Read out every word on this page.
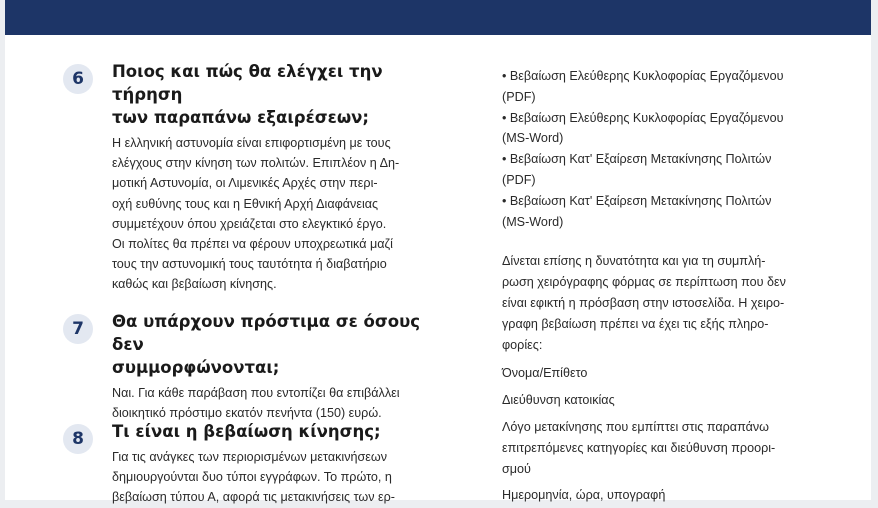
6	Ποιος και πώς θα ελέγχει την τήρηση
των παραπάνω εξαιρέσεων;

Η ελληνική αστυνομία είναι επιφορτισμένη με τους

ελέγχους στην κίνηση των πολιτών. Επιπλέον η Δη-

μοτική Αστυνομία, οι Λιμενικές Αρχές στην περι-

οχή ευθύνης τους και η Εθνική Αρχή Διαφάνειας

συμμετέχουν όπου χρειάζεται στο ελεγκτικό έργο.

Οι πολίτες θα πρέπει να φέρουν υποχρεωτικά μαζί

τους την αστυνομική τους ταυτότητα ή διαβατήριο

καθώς και βεβαίωση κίνησης.

7	Θα υπάρχουν πρόστιμα σε όσους δεν
συμμορφώνονται;

Ναι. Για κάθε παράβαση που εντοπίζει θα επιβάλλει

διοικητικό πρόστιμο εκατόν πενήντα (150) ευρώ.

8	Τι είναι η βεβαίωση κίνησης;

Για τις ανάγκες των περιορισμένων μετακινήσεων

δημιουργούνται δυο τύποι εγγράφων. Το πρώτο, η

βεβαίωση τύπου Α, αφορά τις μετακινήσεις των ερ-

• Βεβαίωση Ελεύθερης Κυκλοφορίας Εργαζόμενου
(PDF)
• Βεβαίωση Ελεύθερης Κυκλοφορίας Εργαζόμενου
(MS-Word)
• Βεβαίωση Κατ' Εξαίρεση Μετακίνησης Πολιτών
(PDF)
• Βεβαίωση Κατ' Εξαίρεση Μετακίνησης Πολιτών
(MS-Word)

Δίνεται επίσης η δυνατότητα και για τη συμπλή-

ρωση χειρόγραφης φόρμας σε περίπτωση που δεν

είναι εφικτή η πρόσβαση στην ιστοσελίδα. Η χειρο-

γραφη βεβαίωση πρέπει να έχει τις εξής πληρο-

φορίες:

Όνομα/Επίθετο

Διεύθυνση κατοικίας

Λόγο μετακίνησης που εμπίπτει στις παραπάνω

επιτρεπόμενες κατηγορίες και διεύθυνση προορι-

σμού

Ημερομηνία, ώρα, υπογραφή
